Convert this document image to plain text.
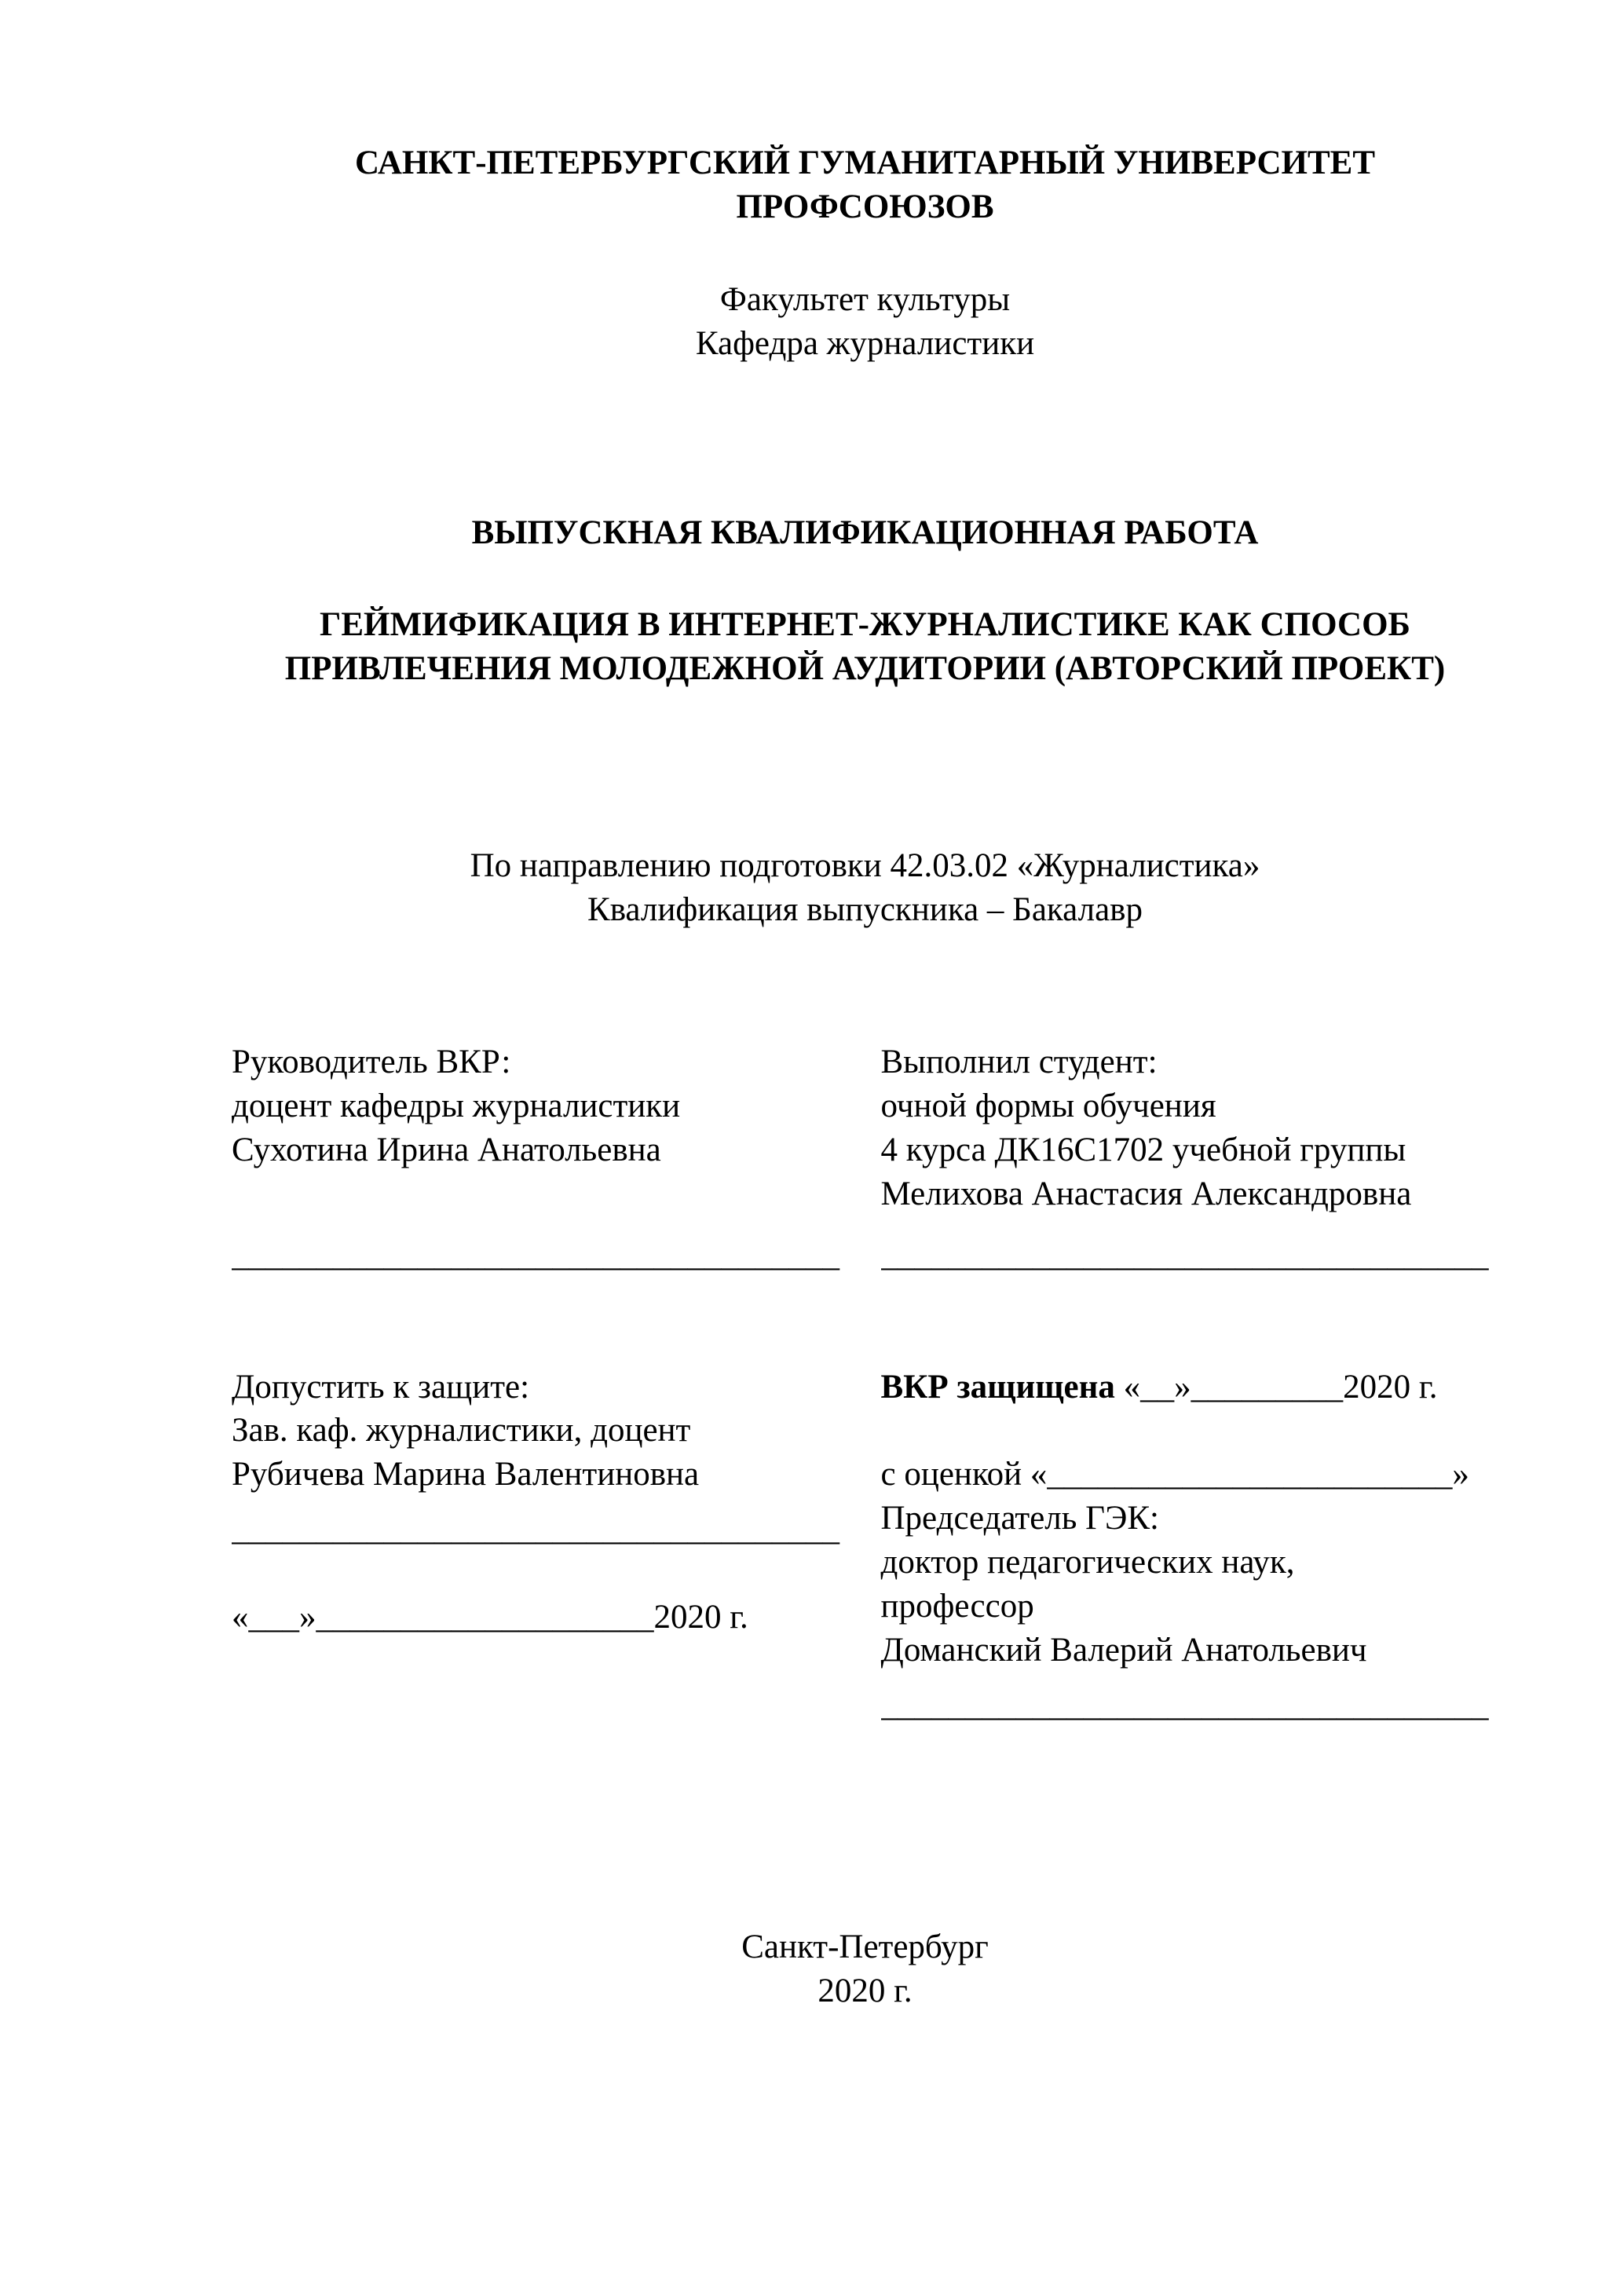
САНКТ-ПЕТЕРБУРГСКИЙ ГУМАНИТАРНЫЙ УНИВЕРСИТЕТ
ПРОФСОЮЗОВ
Факультет культуры
Кафедра журналистики
ВЫПУСКНАЯ КВАЛИФИКАЦИОННАЯ РАБОТА
ГЕЙМИФИКАЦИЯ В ИНТЕРНЕТ-ЖУРНАЛИСТИКЕ КАК СПОСОБ ПРИВЛЕЧЕНИЯ МОЛОДЕЖНОЙ АУДИТОРИИ (АВТОРСКИЙ ПРОЕКТ)
По направлению подготовки 42.03.02 «Журналистика»
Квалификация выпускника – Бакалавр
Руководитель ВКР:
доцент кафедры журналистики
Сухотина Ирина Анатольевна
____________________________________
Выполнил студент:
очной формы обучения
4 курса ДК16С1702 учебной группы
Мелихова Анастасия Александровна
____________________________________
Допустить к защите:
Зав. каф. журналистики, доцент
Рубичева Марина Валентиновна
____________________________________
«___»____________________2020 г.
ВКР защищена «__»_________2020 г.
с оценкой «________________________»
Председатель ГЭК:
доктор педагогических наук,
профессор
Доманский Валерий Анатольевич
____________________________________
Санкт-Петербург
2020 г.
